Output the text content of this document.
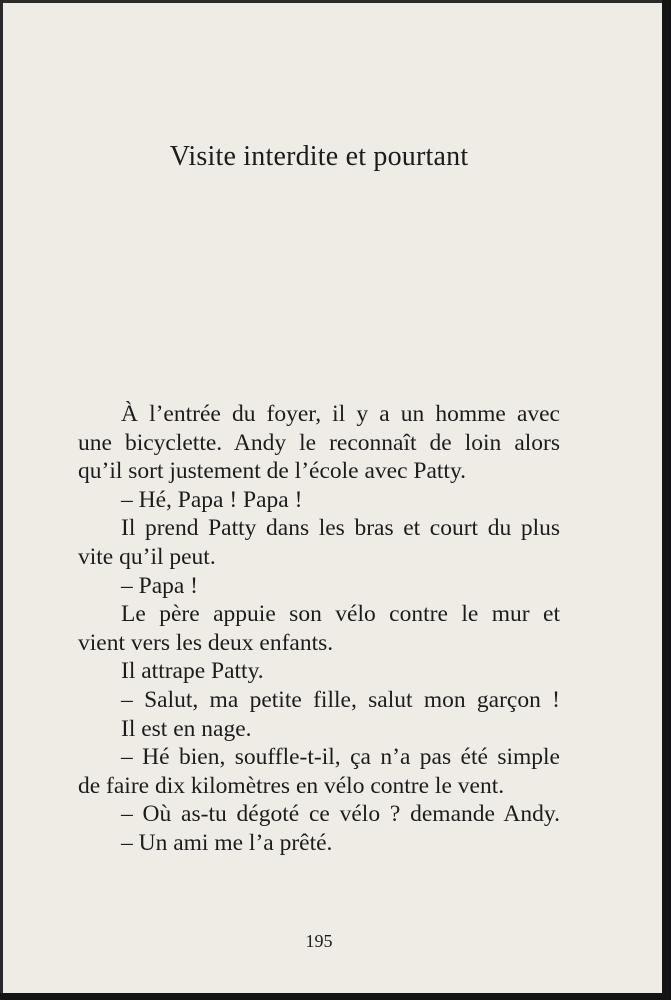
Visite interdite et pourtant
À l’entrée du foyer, il y a un homme avec
une bicyclette. Andy le reconnaît de loin alors
qu’il sort justement de l’école avec Patty.
– Hé, Papa ! Papa !
Il prend Patty dans les bras et court du plus
vite qu’il peut.
– Papa !
Le père appuie son vélo contre le mur et
vient vers les deux enfants.
Il attrape Patty.
– Salut, ma petite fille, salut mon garçon !
Il est en nage.
– Hé bien, souffle-t-il, ça n’a pas été simple
de faire dix kilomètres en vélo contre le vent.
– Où as-tu dégoté ce vélo ? demande Andy.
– Un ami me l’a prêté.
195
